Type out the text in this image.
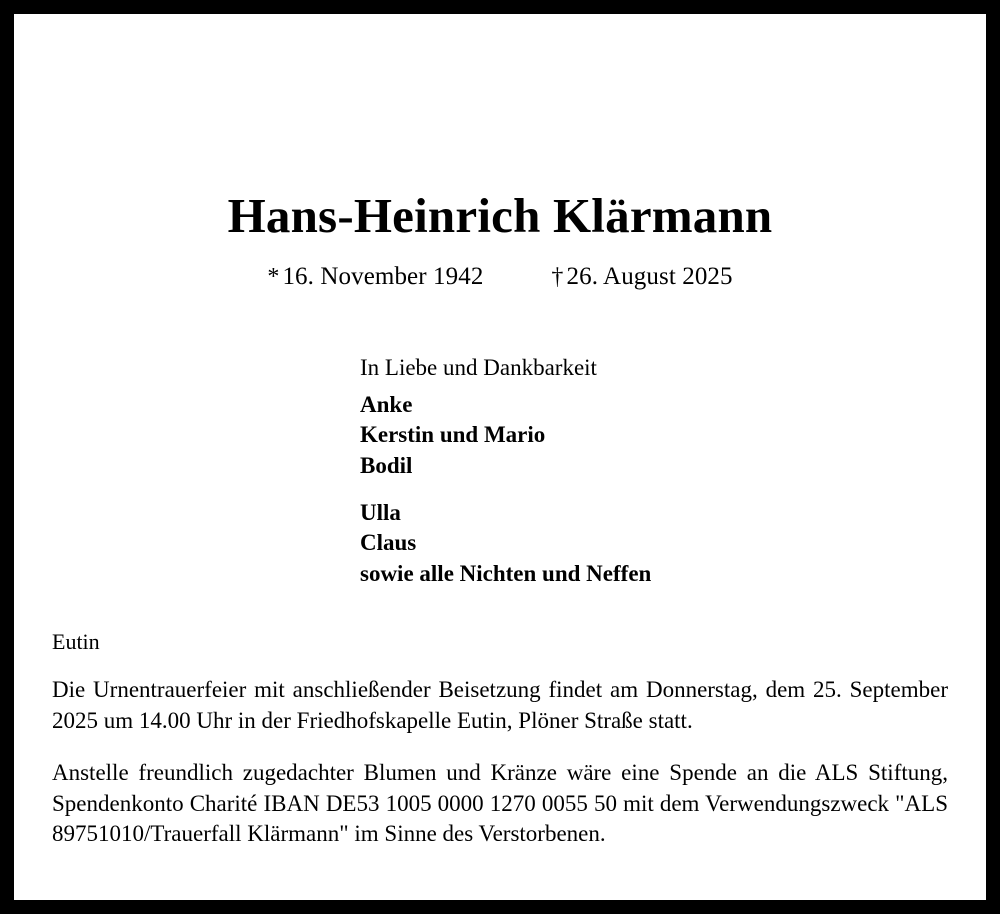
Hans-Heinrich Klärmann
* 16. November 1942	† 26. August 2025
In Liebe und Dankbarkeit
Anke
Kerstin und Mario
Bodil
Ulla
Claus
sowie alle Nichten und Neffen
Eutin
Die Urnentrauerfeier mit anschließender Beisetzung findet am Donnerstag, dem 25. September 2025 um 14.00 Uhr in der Friedhofskapelle Eutin, Plöner Straße statt.
Anstelle freundlich zugedachter Blumen und Kränze wäre eine Spende an die ALS Stiftung, Spendenkonto Charité IBAN DE53 1005 0000 1270 0055 50 mit dem Verwendungszweck "ALS 89751010/Trauerfall Klärmann" im Sinne des Verstorbenen.
